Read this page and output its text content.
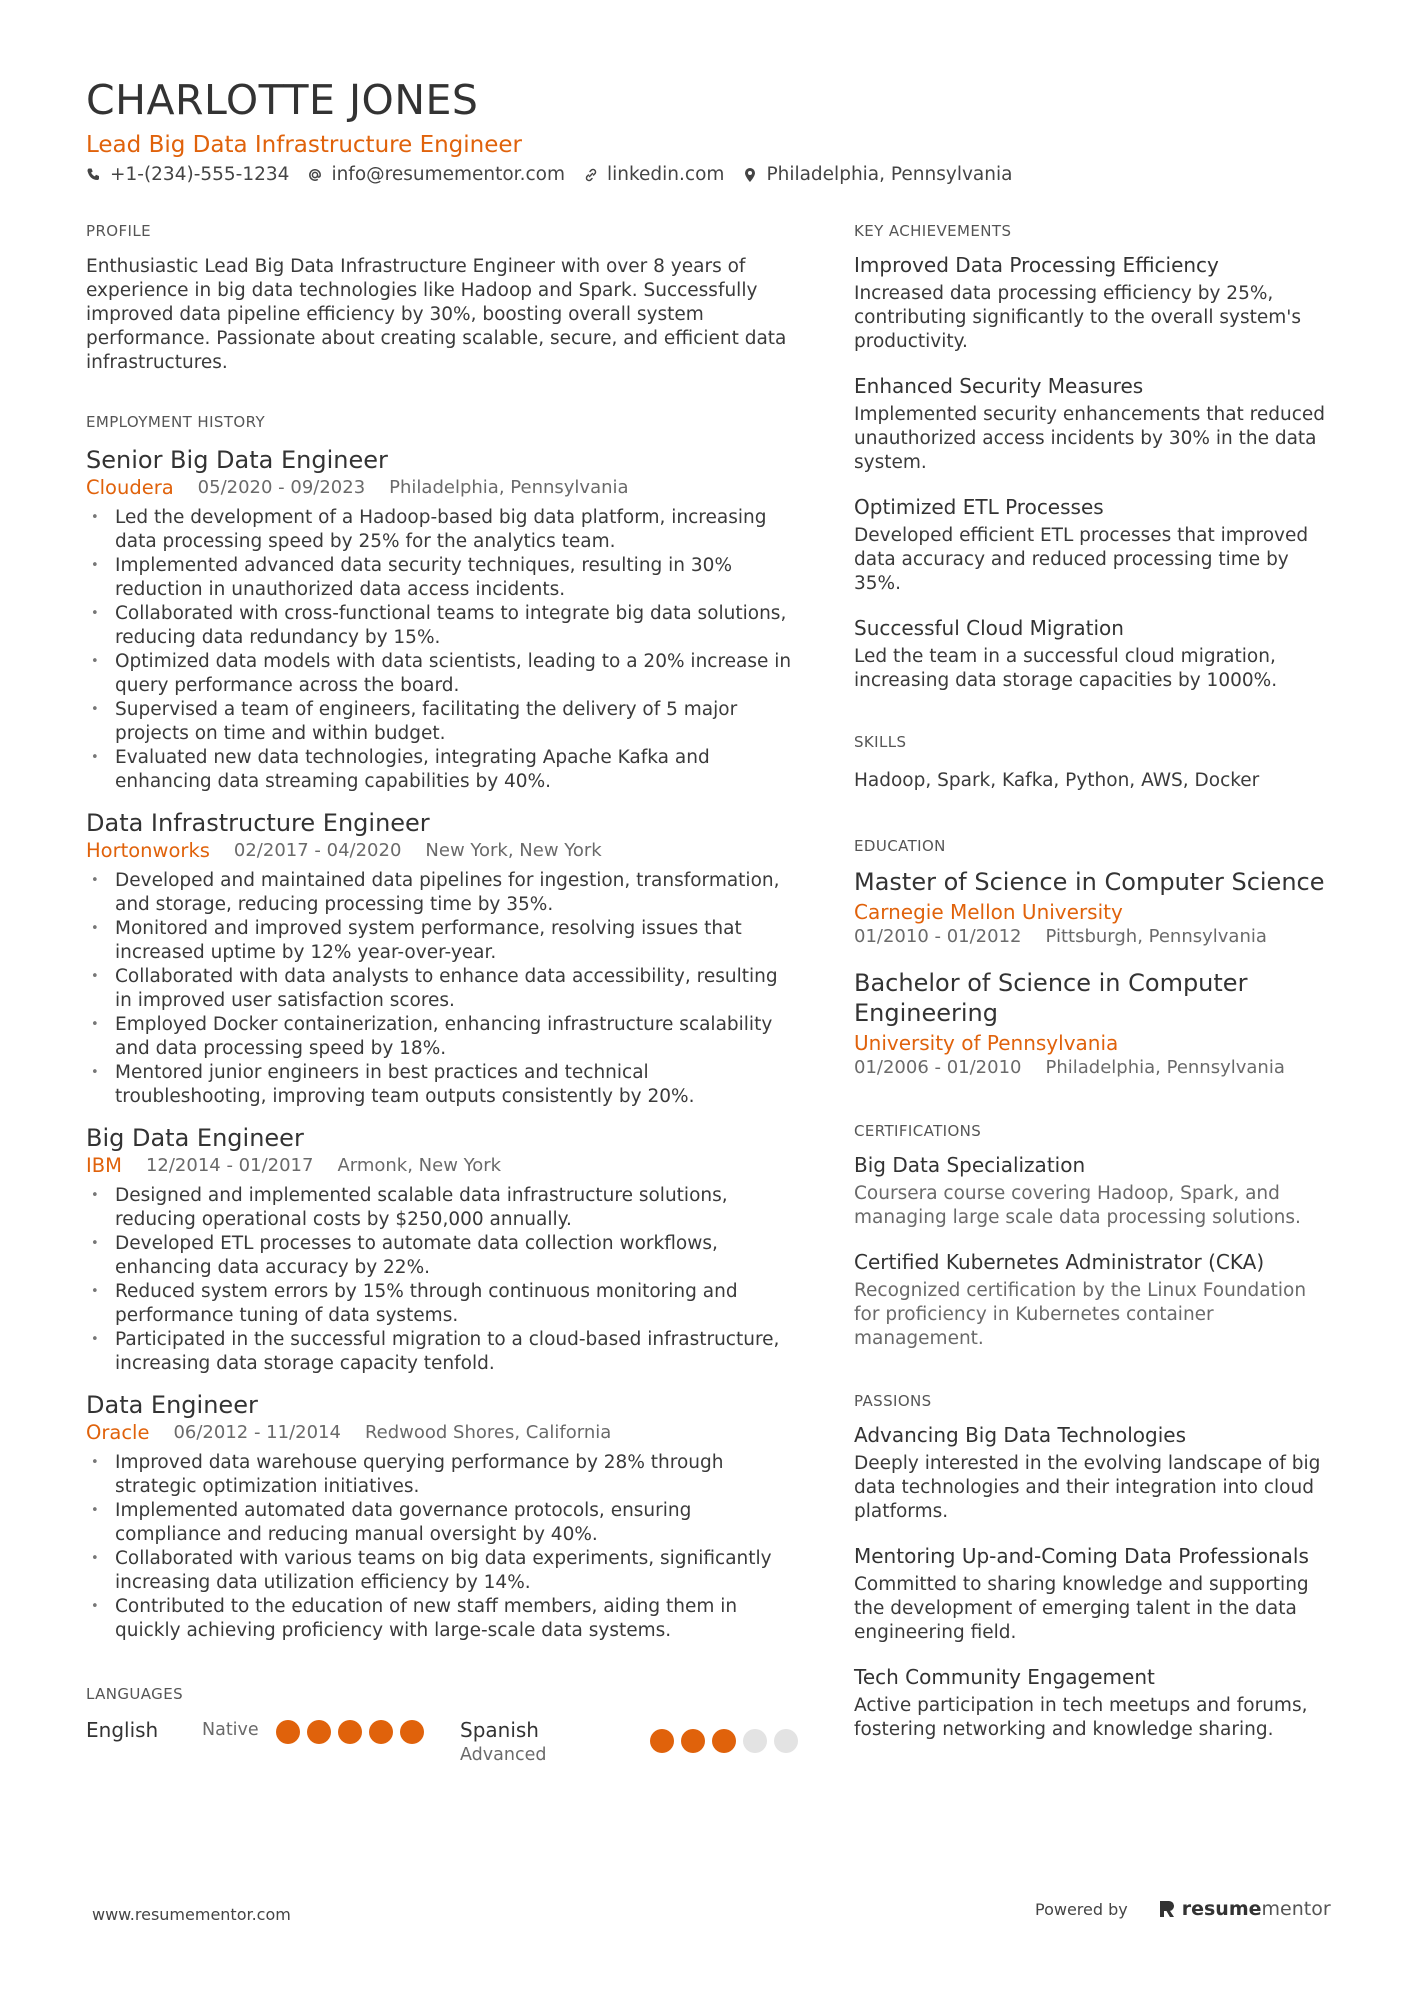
CHARLOTTE JONES
Lead Big Data Infrastructure Engineer
+1-(234)-555-1234 info@resumementor.com linkedin.com Philadelphia, Pennsylvania
PROFILE

Enthusiastic Lead Big Data Infrastructure Engineer with over 8 years of experience in big data technologies like Hadoop and Spark. Successfully improved data pipeline efficiency by 30%, boosting overall system performance. Passionate about creating scalable, secure, and efficient data infrastructures.

EMPLOYMENT HISTORY
Senior Big Data Engineer
Cloudera 05/2020 - 09/2023 Philadelphia, Pennsylvania
• Led the development of a Hadoop-based big data platform, increasing data processing speed by 25% for the analytics team.
• Implemented advanced data security techniques, resulting in 30% reduction in unauthorized data access incidents.
• Collaborated with cross-functional teams to integrate big data solutions, reducing data redundancy by 15%.
• Optimized data models with data scientists, leading to a 20% increase in query performance across the board.
• Supervised a team of engineers, facilitating the delivery of 5 major projects on time and within budget.
• Evaluated new data technologies, integrating Apache Kafka and enhancing data streaming capabilities by 40%.
Data Infrastructure Engineer
Hortonworks 02/2017 - 04/2020 New York, New York
• Developed and maintained data pipelines for ingestion, transformation, and storage, reducing processing time by 35%.
• Monitored and improved system performance, resolving issues that increased uptime by 12% year-over-year.
• Collaborated with data analysts to enhance data accessibility, resulting in improved user satisfaction scores.
• Employed Docker containerization, enhancing infrastructure scalability and data processing speed by 18%.
• Mentored junior engineers in best practices and technical troubleshooting, improving team outputs consistently by 20%.
Big Data Engineer
IBM 12/2014 - 01/2017 Armonk, New York
• Designed and implemented scalable data infrastructure solutions, reducing operational costs by $250,000 annually.
• Developed ETL processes to automate data collection workflows, enhancing data accuracy by 22%.
• Reduced system errors by 15% through continuous monitoring and performance tuning of data systems.
• Participated in the successful migration to a cloud-based infrastructure, increasing data storage capacity tenfold.
Data Engineer
Oracle 06/2012 - 11/2014 Redwood Shores, California
• Improved data warehouse querying performance by 28% through strategic optimization initiatives.
• Implemented automated data governance protocols, ensuring compliance and reducing manual oversight by 40%.
• Collaborated with various teams on big data experiments, significantly increasing data utilization efficiency by 14%.
• Contributed to the education of new staff members, aiding them in quickly achieving proficiency with large-scale data systems.
LANGUAGES
English	Native	Spanish
Advanced
KEY ACHIEVEMENTS
Improved Data Processing Efficiency

Increased data processing efficiency by 25%, contributing significantly to the overall system's productivity.

Enhanced Security Measures

Implemented security enhancements that reduced unauthorized access incidents by 30% in the data system.

Optimized ETL Processes

Developed efficient ETL processes that improved data accuracy and reduced processing time by 35%.

Successful Cloud Migration

Led the team in a successful cloud migration, increasing data storage capacities by 1000%.

SKILLS

Hadoop, Spark, Kafka, Python, AWS, Docker

EDUCATION
Master of Science in Computer Science
Carnegie Mellon University
01/2010 - 01/2012 Pittsburgh, Pennsylvania
Bachelor of Science in Computer Engineering
University of Pennsylvania
01/2006 - 01/2010 Philadelphia, Pennsylvania
CERTIFICATIONS
Big Data Specialization

Coursera course covering Hadoop, Spark, and managing large scale data processing solutions.

Certified Kubernetes Administrator (CKA)

Recognized certification by the Linux Foundation for proficiency in Kubernetes container management.

PASSIONS
Advancing Big Data Technologies

Deeply interested in the evolving landscape of big data technologies and their integration into cloud platforms.

Mentoring Up-and-Coming Data Professionals

Committed to sharing knowledge and supporting the development of emerging talent in the data engineering field.

Tech Community Engagement

Active participation in tech meetups and forums, fostering networking and knowledge sharing.

www.resumementor.com	Powered by	resumementor
